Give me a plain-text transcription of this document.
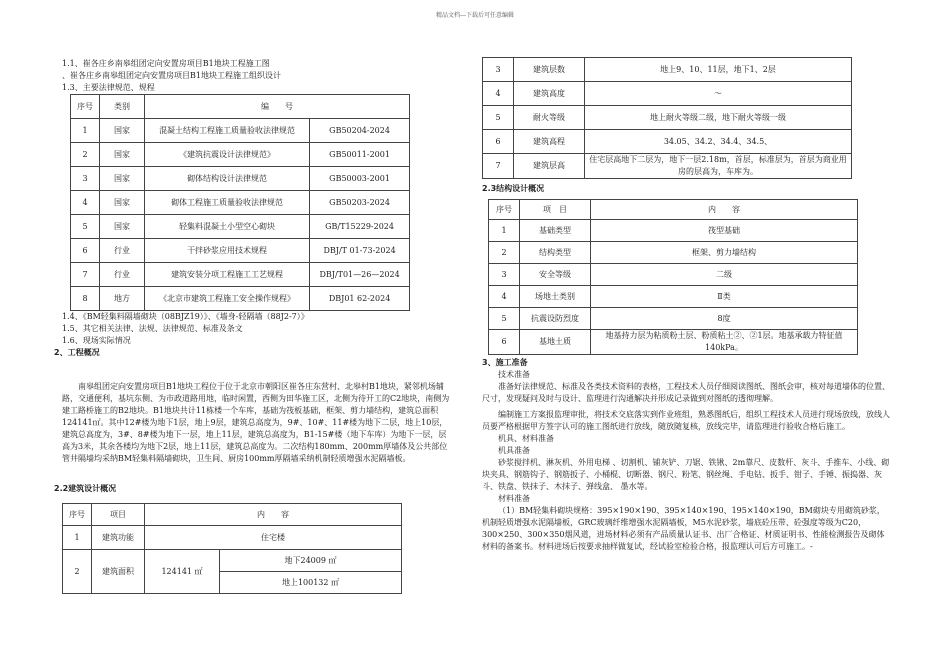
精品文档---下载后可任意编辑

1.1、崔各庄乡南皋组团定向安置房项目B1地块工程施工图

、崔各庄乡南皋组团定向安置房项目B1地块工程施工组织设计

1.3、主要法律规范、规程

序号	类别	编　　号	
1	国家	混凝土结构工程施工质量验收法律规范	GB50204-2024
2	国家	《建筑抗震设计法律规范》	GB50011-2001
3	国家	砌体结构设计法律规范	GB50003-2001
4	国家	砌体工程施工质量验收法律规范	GB50203-2024
5	国家	轻集料混凝土小型空心砌块	GB/T15229-2024
6	行业	干拌砂浆应用技术规程	DBJ/T 01-73-2024
7	行业	建筑安装分项工程施工工艺规程	DBJ/T01—26—2024
8	地方	《北京市建筑工程施工安全操作规程》	DBJ01 62-2024

1.4、《BM轻集料隔墙砌块（08BJZ19）》、《墙身-轻隔墙（88J2-7）》

1.5、其它相关法律、法规、法律规范、标准及条文

1.6、现场实际情况

2、工程概况

南皋组团定向安置房项目B1地块工程位于位于北京市朝阳区崔各庄东营村、北皋村B1地块，紧邻机场辅路，交通便利，基坑东侧、为市政道路用地，临时闲置，西侧为田华施工区，北侧为待开工的C2地块，南侧为建工路桥施工的B2地块。B1地块共计11栋楼一个车库，基础为筏板基础，框架、剪力墙结构，建筑总面积124141㎡。其中12#楼为地下1层，地上9层，建筑总高度为，9#、10#、11#楼为地下二层，地上10层，建筑总高度为，3#、8#楼为地下一层，地上11层，建筑总高度为，B1-15#楼（地下车库）为地下一层，层高为3米，其余各楼均为地下2层，地上11层，建筑总高度为。二次结构180mm、200mm厚墙体及公共部位管井隔墙均采纳BM轻集料隔墙砌块，卫生间、厨房100mm厚隔墙采纳机制轻质增强水泥隔墙板。

2.2建筑设计概况

序号	项目	内　　容	
1	建筑功能	住宅楼	
2	建筑面积	124141 ㎡	地下24009 ㎡
			地上100132 ㎡
3	建筑层数	地上9、10、11层，地下1、2层
4	建筑高度	～
5	耐火等级	地上耐火等级二级，地下耐火等级一级
6	建筑高程	34.05、34.2、34.4、34.5、
7	建筑层高	住宅层高地下二层为，地下一层2.18m，首层，标准层为，首层为商业用房的层高为，车库为。

2.3结构设计概况

序号	项　目	内　　容
1	基础类型	筏型基础
2	结构类型	框架、剪力墙结构
3	安全等级	二级
4	场地土类别	Ⅱ类
5	抗震设防烈度	8度
6	基地土质	地基持力层为粘质粉土层、粉质粘土②、②1层。地基承载力特征值140kPa。

3、施工准备

技术准备

准备好法律规范、标准及各类技术资料的表格，工程技术人员仔细阅读图纸、图纸会审，核对每道墙体的位置、尺寸，发现疑问及时与设计、监理进行沟通解决并形成记录做到对图纸的透彻理解。

编制施工方案报监理审批，将技术交底落实到作业班组，熟悉图纸后，组织工程技术人员进行现场放线，放线人员要严格根据甲方签字认可的施工图纸进行放线，随放随复核，放线完毕，请监理进行验收合格后施工。

机具、材料准备

机具准备

砂浆搅拌机、淋灰机、外用电梯 、切割机、铺灰铲、刀锯、铁锹、2m靠尺、皮数杆、灰斗、手推车、小线、砌块夹具、钢筋钩子、钢筋扳子、小桶棍、切断器、钢尺、粉笔、钢丝绳、手电钻、扳手、钳子、手锤、振捣器、灰斗、铁盘、铁抹子、木抹子、弹线盒、 墨水等。

材料准备

（1）BM轻集料砌块规格：395×190×190、395×140×190、195×140×190，BM砌块专用砌筑砂浆，机制轻质增强水泥隔墙板，GRC玻璃纤维增强水泥隔墙板，M5水泥砂浆，墙底砼压带、砼强度等级为C20，300×250、300×350烟风道，进场材料必须有产品质量认证书、出厂合格证、材质证明书、性能检测报告及砌体材料的备案书。材料进场后按要求抽样做复试，经试验室检验合格，报监理认可后方可施工。-
